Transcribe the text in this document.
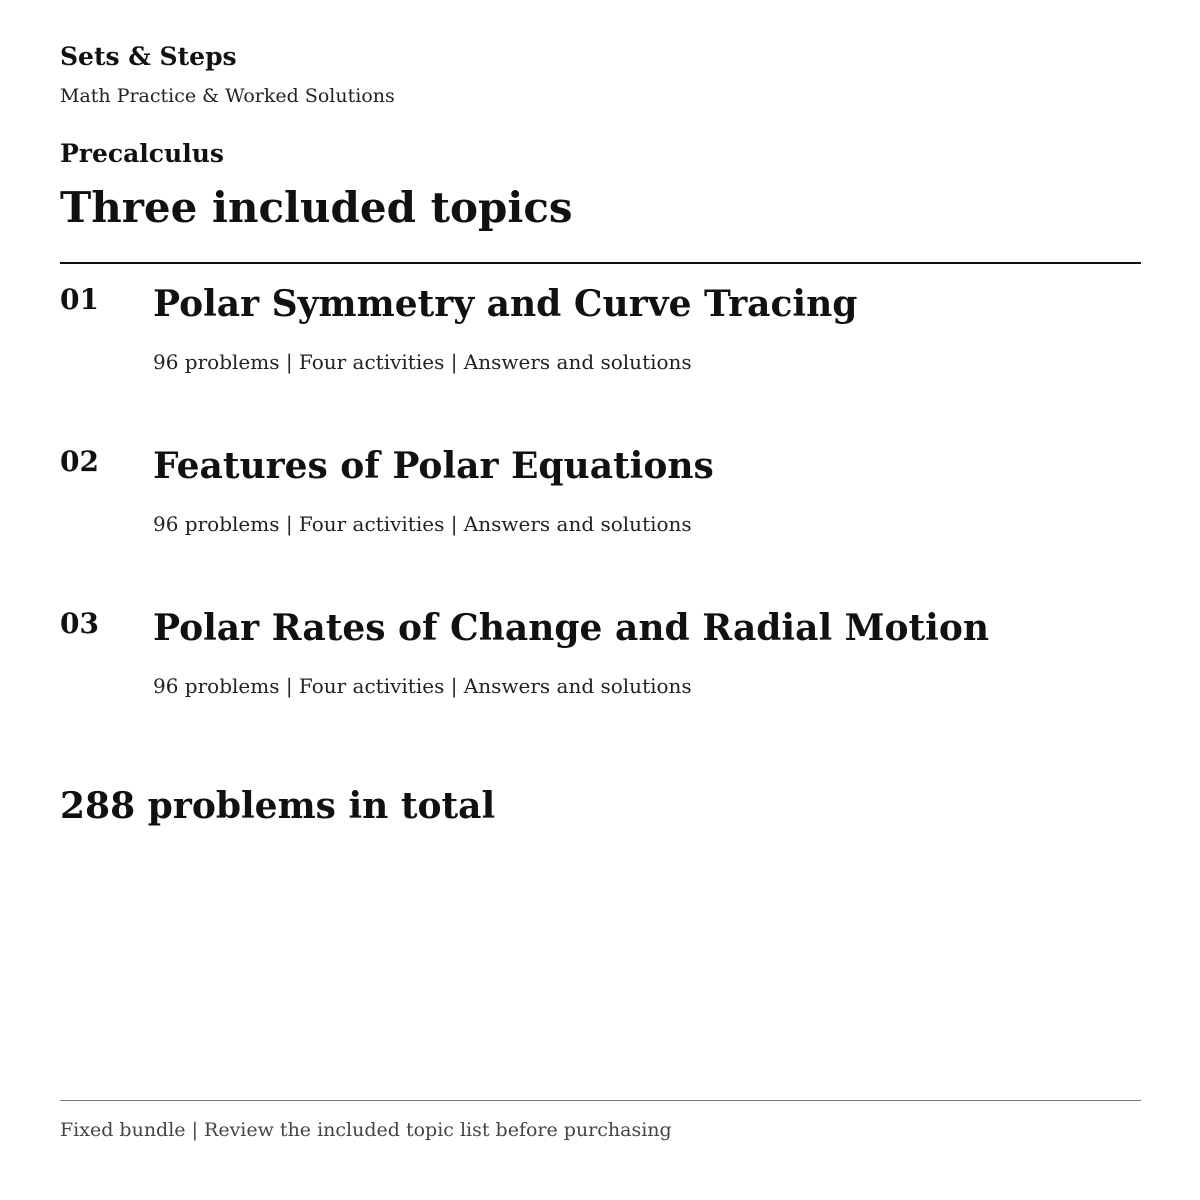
Sets & Steps
Math Practice & Worked Solutions
Precalculus
Three included topics
01 Polar Symmetry and Curve Tracing
96 problems | Four activities | Answers and solutions
02 Features of Polar Equations
96 problems | Four activities | Answers and solutions
03 Polar Rates of Change and Radial Motion
96 problems | Four activities | Answers and solutions
288 problems in total
Fixed bundle | Review the included topic list before purchasing
